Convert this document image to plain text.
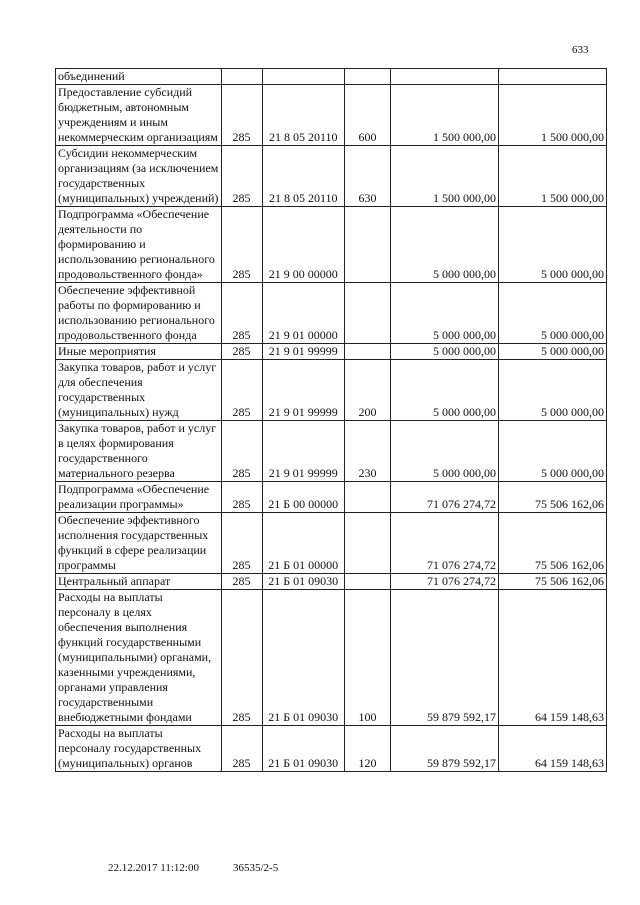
633
объединений					
Предоставление субсидий бюджетным, автономным учреждениям и иным некоммерческим организациям	285	21 8 05 20110	600	1 500 000,00	1 500 000,00
Субсидии некоммерческим организациям (за исключением государственных (муниципальных) учреждений)	285	21 8 05 20110	630	1 500 000,00	1 500 000,00
Подпрограмма «Обеспечение деятельности по формированию и использованию регионального продовольственного фонда»	285	21 9 00 00000		5 000 000,00	5 000 000,00
Обеспечение эффективной работы по формированию и использованию регионального продовольственного фонда	285	21 9 01 00000		5 000 000,00	5 000 000,00
Иные мероприятия	285	21 9 01 99999		5 000 000,00	5 000 000,00
Закупка товаров, работ и услуг для обеспечения государственных (муниципальных) нужд	285	21 9 01 99999	200	5 000 000,00	5 000 000,00
Закупка товаров, работ и услуг в целях формирования государственного материального резерва	285	21 9 01 99999	230	5 000 000,00	5 000 000,00
Подпрограмма «Обеспечение реализации программы»	285	21 Б 00 00000		71 076 274,72	75 506 162,06
Обеспечение эффективного исполнения государственных функций в сфере реализации программы	285	21 Б 01 00000		71 076 274,72	75 506 162,06
Центральный аппарат	285	21 Б 01 09030		71 076 274,72	75 506 162,06
Расходы на выплаты персоналу в целях обеспечения выполнения функций государственными (муниципальными) органами, казенными учреждениями, органами управления государственными внебюджетными фондами	285	21 Б 01 09030	100	59 879 592,17	64 159 148,63
Расходы на выплаты персоналу государственных (муниципальных) органов	285	21 Б 01 09030	120	59 879 592,17	64 159 148,63
22.12.2017 11:12:00	36535/2-5
